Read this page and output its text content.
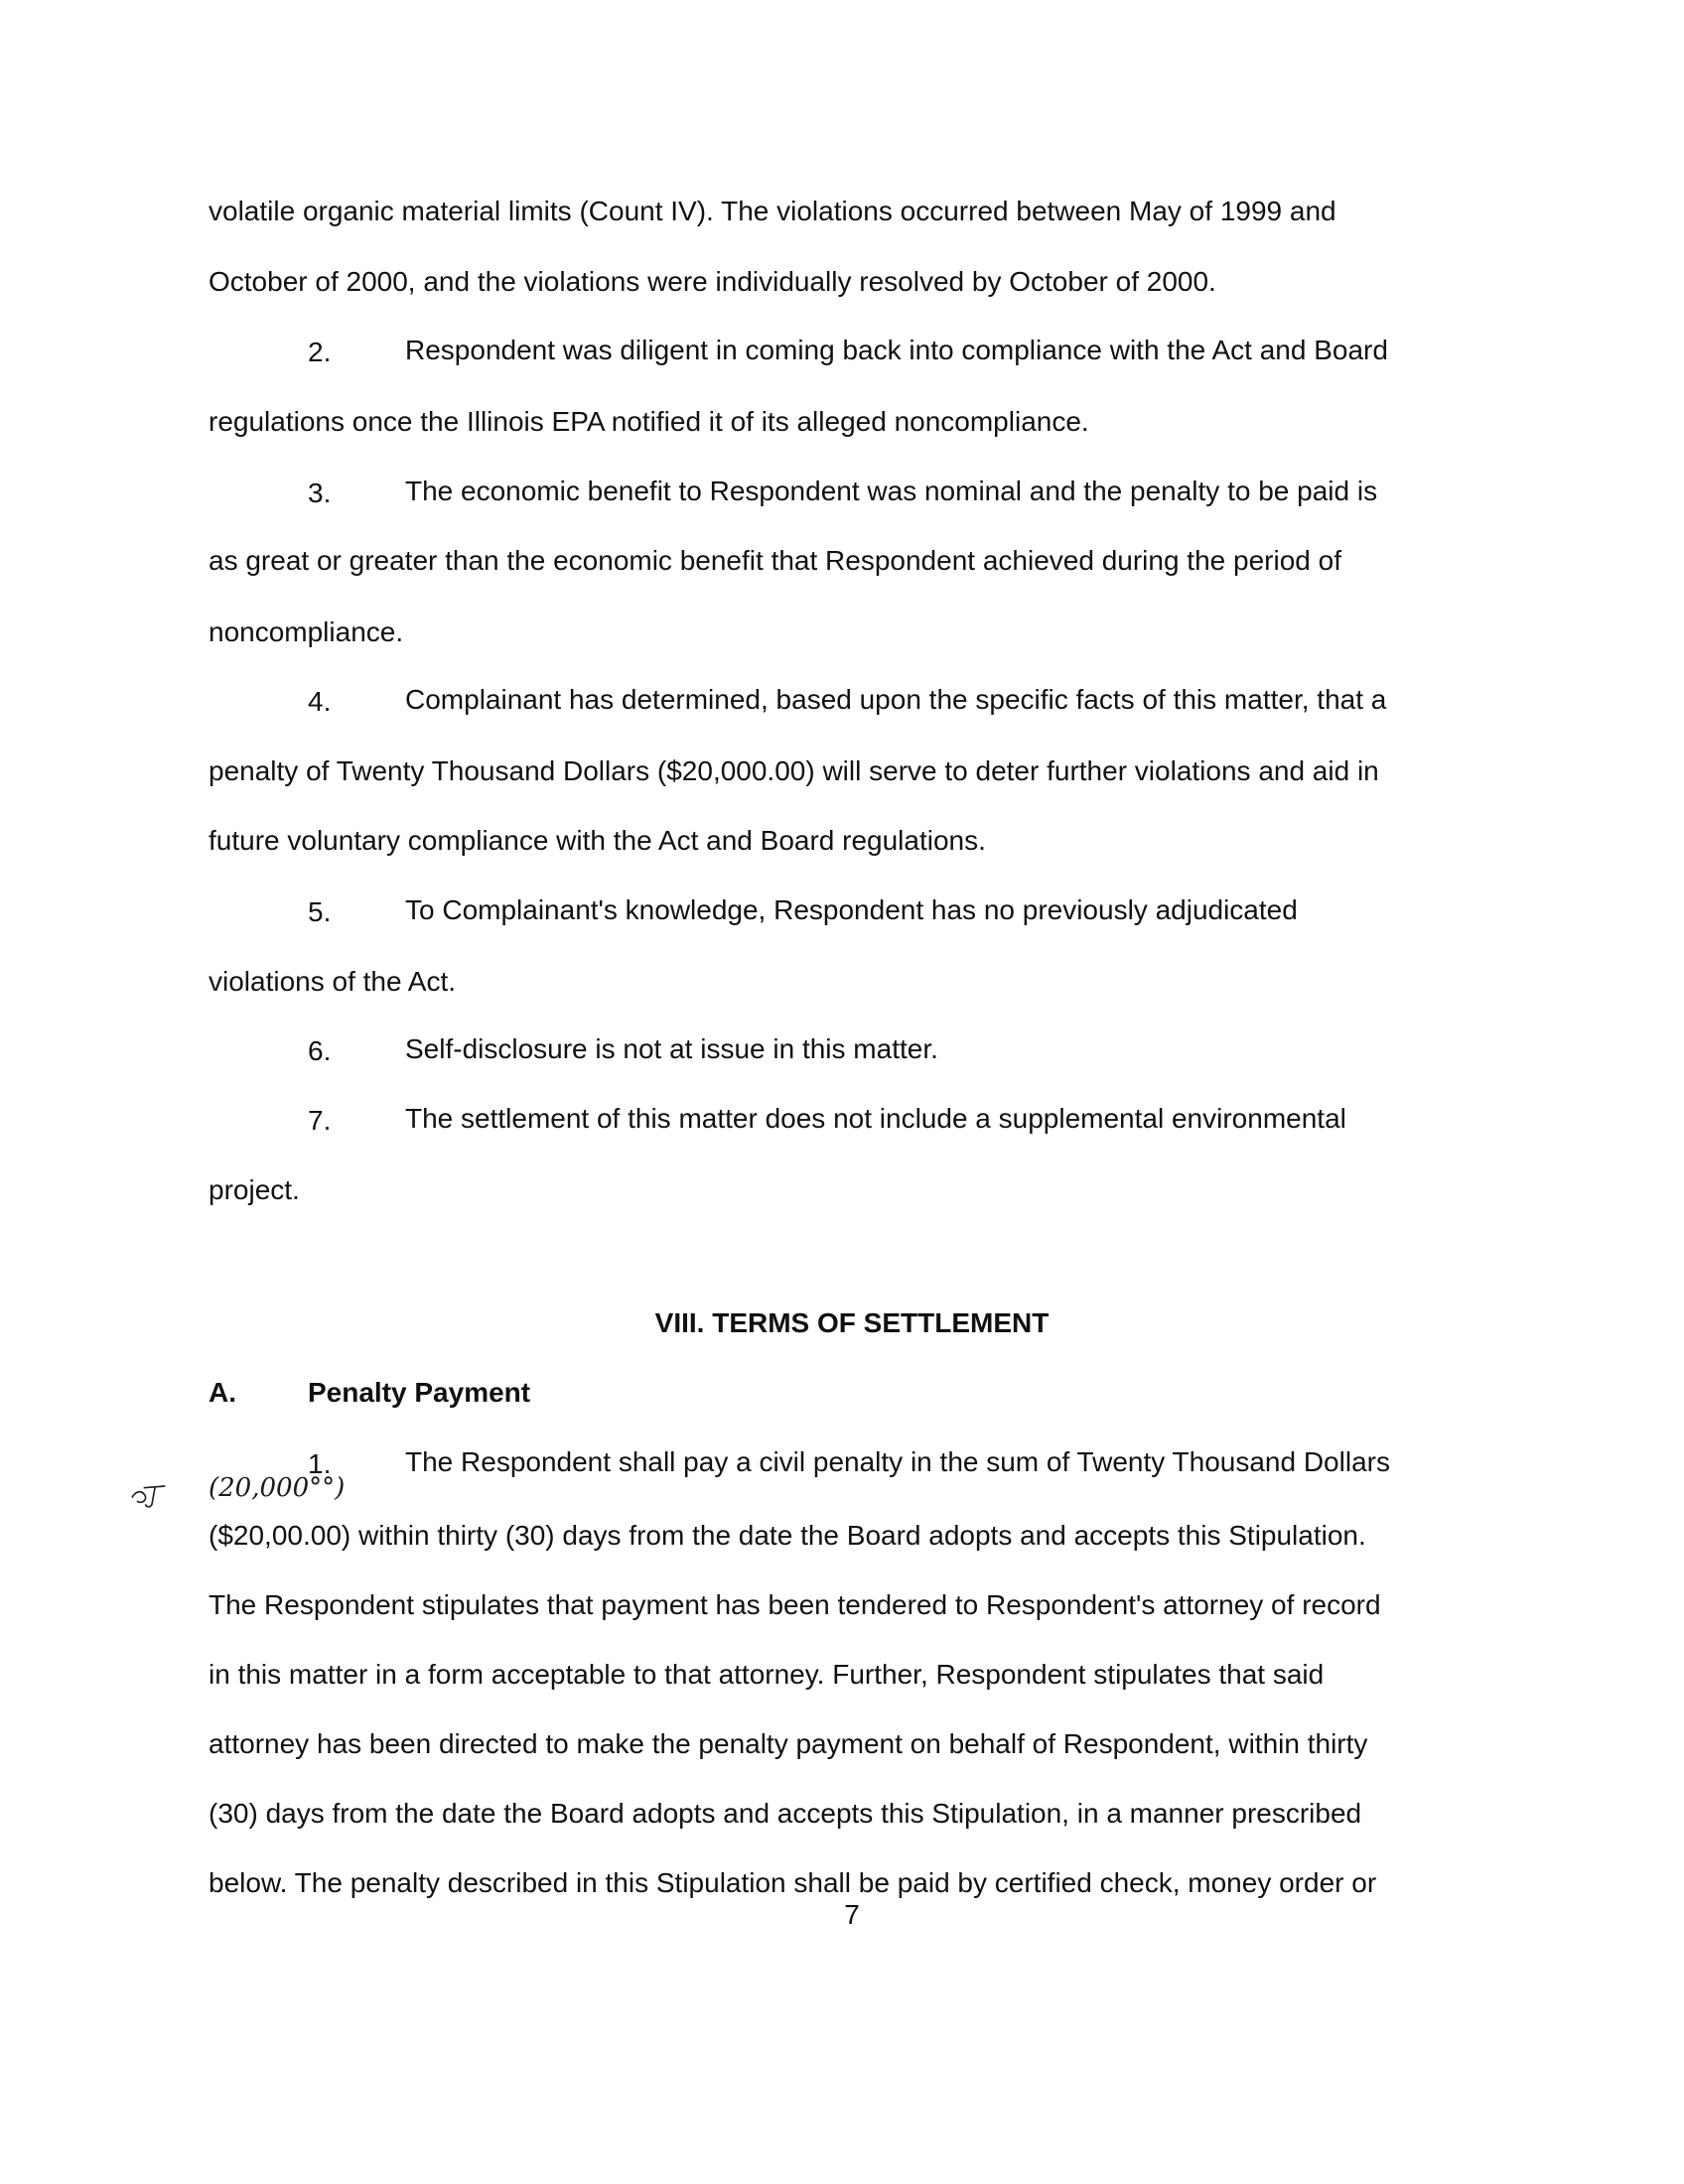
volatile organic material limits (Count IV). The violations occurred between May of 1999 and
October of 2000, and the violations were individually resolved by October of 2000.
2.	Respondent was diligent in coming back into compliance with the Act and Board
regulations once the Illinois EPA notified it of its alleged noncompliance.
3.	The economic benefit to Respondent was nominal and the penalty to be paid is
as great or greater than the economic benefit that Respondent achieved during the period of
noncompliance.
4.	Complainant has determined, based upon the specific facts of this matter, that a
penalty of Twenty Thousand Dollars ($20,000.00) will serve to deter further violations and aid in
future voluntary compliance with the Act and Board regulations.
5.	To Complainant's knowledge, Respondent has no previously adjudicated
violations of the Act.
6.	Self-disclosure is not at issue in this matter.
7.	The settlement of this matter does not include a supplemental environmental
project.
VIII. TERMS OF SETTLEMENT
A.	Penalty Payment
1.	The Respondent shall pay a civil penalty in the sum of Twenty Thousand Dollars
(20,000°°)
($20,00.00) within thirty (30) days from the date the Board adopts and accepts this Stipulation.
The Respondent stipulates that payment has been tendered to Respondent's attorney of record
in this matter in a form acceptable to that attorney. Further, Respondent stipulates that said
attorney has been directed to make the penalty payment on behalf of Respondent, within thirty
(30) days from the date the Board adopts and accepts this Stipulation, in a manner prescribed
below. The penalty described in this Stipulation shall be paid by certified check, money order or
7
